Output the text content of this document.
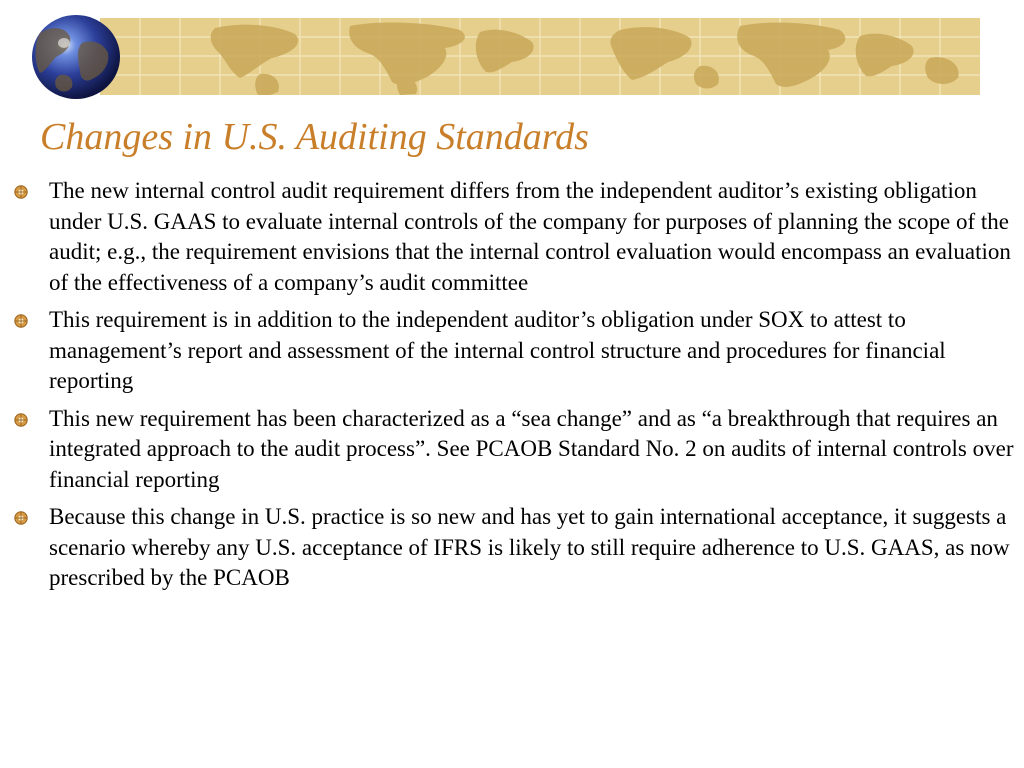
Changes in U.S. Auditing Standards
The new internal control audit requirement differs from the independent auditor’s existing obligation under U.S. GAAS to evaluate internal controls of the company for purposes of planning the scope of the audit; e.g., the requirement envisions that the internal control evaluation would encompass an evaluation of the effectiveness of a company’s audit committee
This requirement is in addition to the independent auditor’s obligation under SOX to attest to management’s report and assessment of the internal control structure and procedures for financial reporting
This new requirement has been characterized as a “sea change” and as “a breakthrough that requires an integrated approach to the audit process”. See PCAOB Standard No. 2 on audits of internal controls over financial reporting
Because this change in U.S. practice is so new and has yet to gain international acceptance, it suggests a scenario whereby any U.S. acceptance of IFRS is likely to still require adherence to U.S. GAAS, as now prescribed by the PCAOB
